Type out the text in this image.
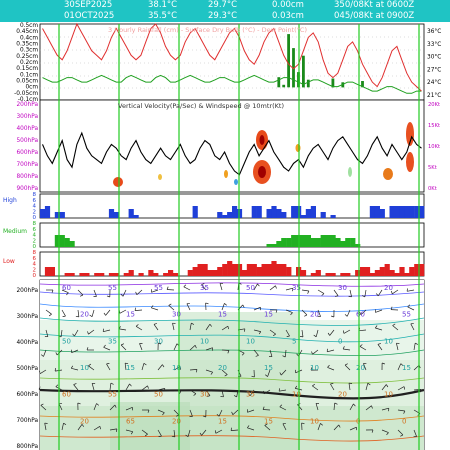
30SEP2025	38.1°C	29.7°C	0.00cm	350/08Kt at 0600Z
01OCT2025	35.5°C	29.3°C	0.03cm	045/08Kt at 0900Z
60	55	55	35	50	35	30	20
20	15	30	15	15	20	60	55
50	35	30	10	10	5	0	10
10	15	10	20	15	10	20	15
60	55	50	30	35	10	20	10
20	65	20	15	15	10	0	0
3 Hourly Rainfall (cm) - Surface Dry Bulb (°C) - Dew Point(°C)
Vertical Velocity(Pa/Sec) & Windspeed @ 10mtr(Kt)
High
Medium
Low
0.5cm
0.45cm
0.4cm
0.35cm
0.3cm
0.25cm
0.2cm
0.15cm
0.1cm
0.05cm
0cm
-0.05cm
-0.1cm
36°C
33°C
30°C
27°C
24°C
21°C
200hPa
300hPa
400hPa
500hPa
600hPa
700hPa
800hPa
900hPa
20Kt
15Kt
10Kt
5Kt
0Kt
8
6
4
2
0
8
6
4
2
0
8
6
4
2
0
200hPa
300hPa
400hPa
500hPa
600hPa
700hPa
800hPa
